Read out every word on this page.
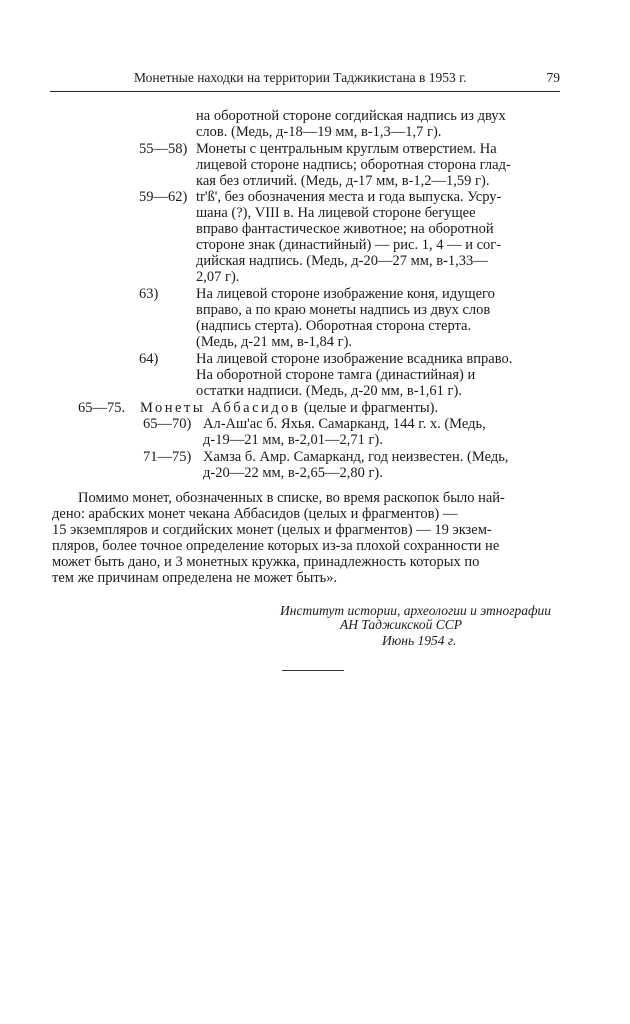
Монетные находки на территории Таджикистана в 1953 г.	79
на оборотной стороне согдийская надпись из двух
слов. (Медь, д-18—19 мм, в-1,3—1,7 г).
55—58) Монеты с центральным круглым отверстием. На
лицевой стороне надпись; оборотная сторона глад-
кая без отличий. (Медь, д-17 мм, в-1,2—1,59 г).
59—62) tr'ß', без обозначения места и года выпуска. Усру-
шана (?), VIII в. На лицевой стороне бегущее
вправо фантастическое животное; на оборотной
стороне знак (династийный) — рис. 1, 4 — и сог-
дийская надпись. (Медь, д-20—27 мм, в-1,33—
2,07 г).
63)	На лицевой стороне изображение коня, идущего
вправо, а по краю монеты надпись из двух слов
(надпись стерта). Оборотная сторона стерта.
(Медь, д-21 мм, в-1,84 г).
64)	На лицевой стороне изображение всадника вправо.
На оборотной стороне тамга (династийная) и
остатки надписи. (Медь, д-20 мм, в-1,61 г).
65—75. Монеты Аббасидов (целые и фрагменты).
65—70) Ал-Аш'ас б. Яхья. Самарканд, 144 г. х. (Медь,
д-19—21 мм, в-2,01—2,71 г).
71—75) Хамза б. Амр. Самарканд, год неизвестен. (Медь,
д-20—22 мм, в-2,65—2,80 г).
Помимо монет, обозначенных в списке, во время раскопок было най-
дено: арабских монет чекана Аббасидов (целых и фрагментов) —
15 экземпляров и согдийских монет (целых и фрагментов) — 19 экзем-
пляров, более точное определение которых из-за плохой сохранности не
может быть дано, и 3 монетных кружка, принадлежность которых по
тем же причинам определена не может быть».
Институт истории, археологии и этнографии
АН Таджикской ССР
Июнь 1954 г.
